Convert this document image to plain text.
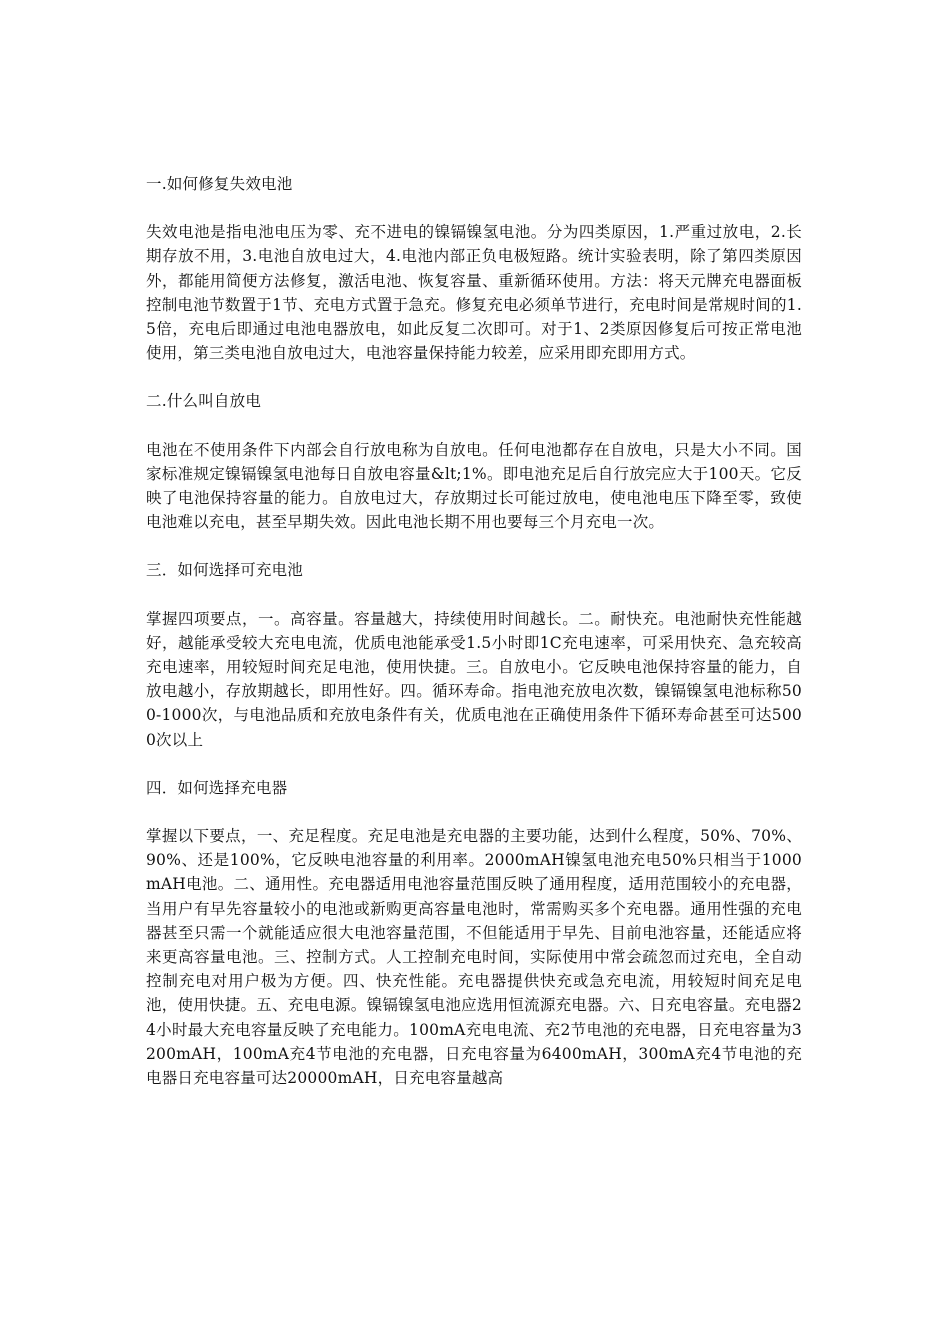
一.如何修复失效电池

失效电池是指电池电压为零、充不进电的镍镉镍氢电池。分为四类原因，1.严重过放电，2.长期存放不用，3.电池自放电过大，4.电池内部正负电极短路。统计实验表明，除了第四类原因外，都能用简便方法修复，激活电池、恢复容量、重新循环使用。方法：将天元牌充电器面板控制电池节数置于1节、充电方式置于急充。修复充电必须单节进行，充电时间是常规时间的1.5倍，充电后即通过电池电器放电，如此反复二次即可。对于1、2类原因修复后可按正常电池使用，第三类电池自放电过大，电池容量保持能力较差，应采用即充即用方式。

二.什么叫自放电

电池在不使用条件下内部会自行放电称为自放电。任何电池都存在自放电，只是大小不同。国家标准规定镍镉镍氢电池每日自放电容量&lt;1%。即电池充足后自行放完应大于100天。它反映了电池保持容量的能力。自放电过大，存放期过长可能过放电，使电池电压下降至零，致使电池难以充电，甚至早期失效。因此电池长期不用也要每三个月充电一次。

三．如何选择可充电池

掌握四项要点，一。高容量。容量越大，持续使用时间越长。二。耐快充。电池耐快充性能越好，越能承受较大充电电流，优质电池能承受1.5小时即1C充电速率，可采用快充、急充较高充电速率，用较短时间充足电池，使用快捷。三。自放电小。它反映电池保持容量的能力，自放电越小，存放期越长，即用性好。四。循环寿命。指电池充放电次数，镍镉镍氢电池标称500-1000次，与电池品质和充放电条件有关，优质电池在正确使用条件下循环寿命甚至可达5000次以上

四．如何选择充电器

掌握以下要点，一、充足程度。充足电池是充电器的主要功能，达到什么程度，50%、70%、90%、还是100%，它反映电池容量的利用率。2000mAH镍氢电池充电50%只相当于1000mAH电池。二、通用性。充电器适用电池容量范围反映了通用程度，适用范围较小的充电器，当用户有早先容量较小的电池或新购更高容量电池时，常需购买多个充电器。通用性强的充电器甚至只需一个就能适应很大电池容量范围，不但能适用于早先、目前电池容量，还能适应将来更高容量电池。三、控制方式。人工控制充电时间，实际使用中常会疏忽而过充电，全自动控制充电对用户极为方便。四、快充性能。充电器提供快充或急充电流，用较短时间充足电池，使用快捷。五、充电电源。镍镉镍氢电池应选用恒流源充电器。六、日充电容量。充电器24小时最大充电容量反映了充电能力。100mA充电电流、充2节电池的充电器，日充电容量为3200mAH，100mA充4节电池的充电器，日充电容量为6400mAH，300mA充4节电池的充电器日充电容量可达20000mAH，日充电容量越高
